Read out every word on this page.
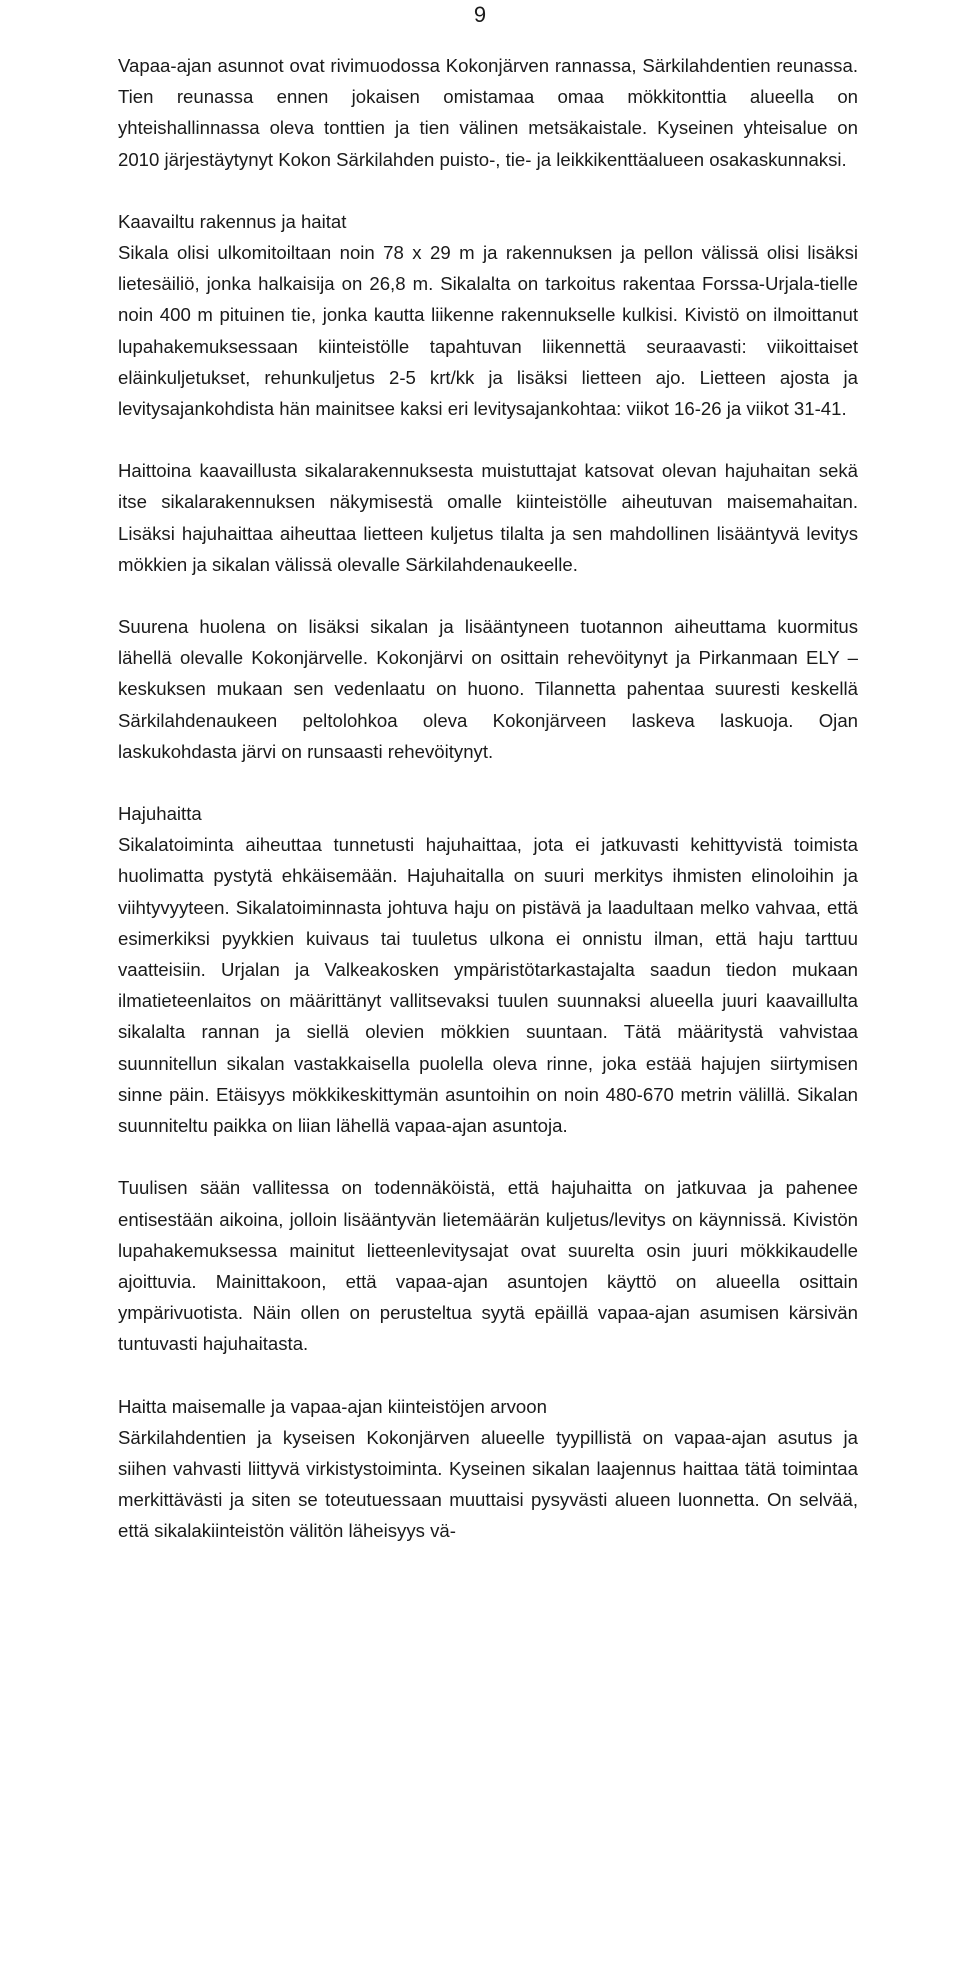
9

Vapaa-ajan asunnot ovat rivimuodossa Kokonjärven rannassa, Särkilahdentien reunassa. Tien reunassa ennen jokaisen omistamaa omaa mökkitonttia alueella on yhteishallinnassa oleva tonttien ja tien välinen metsäkaistale. Kyseinen yhteisalue on 2010 järjestäytynyt Kokon Särkilahden puisto-, tie- ja leikkikenttäalueen osakaskunnaksi.

Kaavailtu rakennus ja haitat
Sikala olisi ulkomitoiltaan noin 78 x 29 m ja rakennuksen ja pellon välissä olisi lisäksi lietesäiliö, jonka halkaisija on 26,8 m. Sikalalta on tarkoitus rakentaa Forssa-Urjala-tielle noin 400 m pituinen tie, jonka kautta liikenne rakennukselle kulkisi. Kivistö on ilmoittanut lupahakemuksessaan kiinteistölle tapahtuvan liikennettä seuraavasti: viikoittaiset eläinkuljetukset, rehunkuljetus 2-5 krt/kk ja lisäksi lietteen ajo. Lietteen ajosta ja levitysajankohdista hän mainitsee kaksi eri levitysajankohtaa: viikot 16-26 ja viikot 31-41.

Haittoina kaavaillusta sikalarakennuksesta muistuttajat katsovat olevan hajuhaitan sekä itse sikalarakennuksen näkymisestä omalle kiinteistölle aiheutuvan maisemahaitan. Lisäksi hajuhaittaa aiheuttaa lietteen kuljetus tilalta ja sen mahdollinen lisääntyvä levitys mökkien ja sikalan välissä olevalle Särkilahdenaukeelle.

Suurena huolena on lisäksi sikalan ja lisääntyneen tuotannon aiheuttama kuormitus lähellä olevalle Kokonjärvelle. Kokonjärvi on osittain rehevöitynyt ja Pirkanmaan ELY –keskuksen mukaan sen vedenlaatu on huono. Tilannetta pahentaa suuresti keskellä Särkilahdenaukeen peltolohkoa oleva Kokonjärveen laskeva laskuoja. Ojan laskukohdasta järvi on runsaasti rehevöitynyt.

Hajuhaitta
Sikalatoiminta aiheuttaa tunnetusti hajuhaittaa, jota ei jatkuvasti kehittyvistä toimista huolimatta pystytä ehkäisemään. Hajuhaitalla on suuri merkitys ihmisten elinoloihin ja viihtyvyyteen. Sikalatoiminnasta johtuva haju on pistävä ja laadultaan melko vahvaa, että esimerkiksi pyykkien kuivaus tai tuuletus ulkona ei onnistu ilman, että haju tarttuu vaatteisiin. Urjalan ja Valkeakosken ympäristötarkastajalta saadun tiedon mukaan ilmatieteenlaitos on määrittänyt vallitsevaksi tuulen suunnaksi alueella juuri kaavaillulta sikalalta rannan ja siellä olevien mökkien suuntaan. Tätä määritystä vahvistaa suunnitellun sikalan vastakkaisella puolella oleva rinne, joka estää hajujen siirtymisen sinne päin. Etäisyys mökkikeskittymän asuntoihin on noin 480-670 metrin välillä. Sikalan suunniteltu paikka on liian lähellä vapaa-ajan asuntoja.

Tuulisen sään vallitessa on todennäköistä, että hajuhaitta on jatkuvaa ja pahenee entisestään aikoina, jolloin lisääntyvän lietemäärän kuljetus/levitys on käynnissä. Kivistön lupahakemuksessa mainitut lietteenlevitysajat ovat suurelta osin juuri mökkikaudelle ajoittuvia. Mainittakoon, että vapaa-ajan asuntojen käyttö on alueella osittain ympärivuotista. Näin ollen on perusteltua syytä epäillä vapaa-ajan asumisen kärsivän tuntuvasti hajuhaitasta.

Haitta maisemalle ja vapaa-ajan kiinteistöjen arvoon
Särkilahdentien ja kyseisen Kokonjärven alueelle tyypillistä on vapaa-ajan asutus ja siihen vahvasti liittyvä virkistystoiminta. Kyseinen sikalan laajennus haittaa tätä toimintaa merkittävästi ja siten se toteutuessaan muuttaisi pysyvästi alueen luonnetta. On selvää, että sikalakiinteistön välitön läheisyys vä-
